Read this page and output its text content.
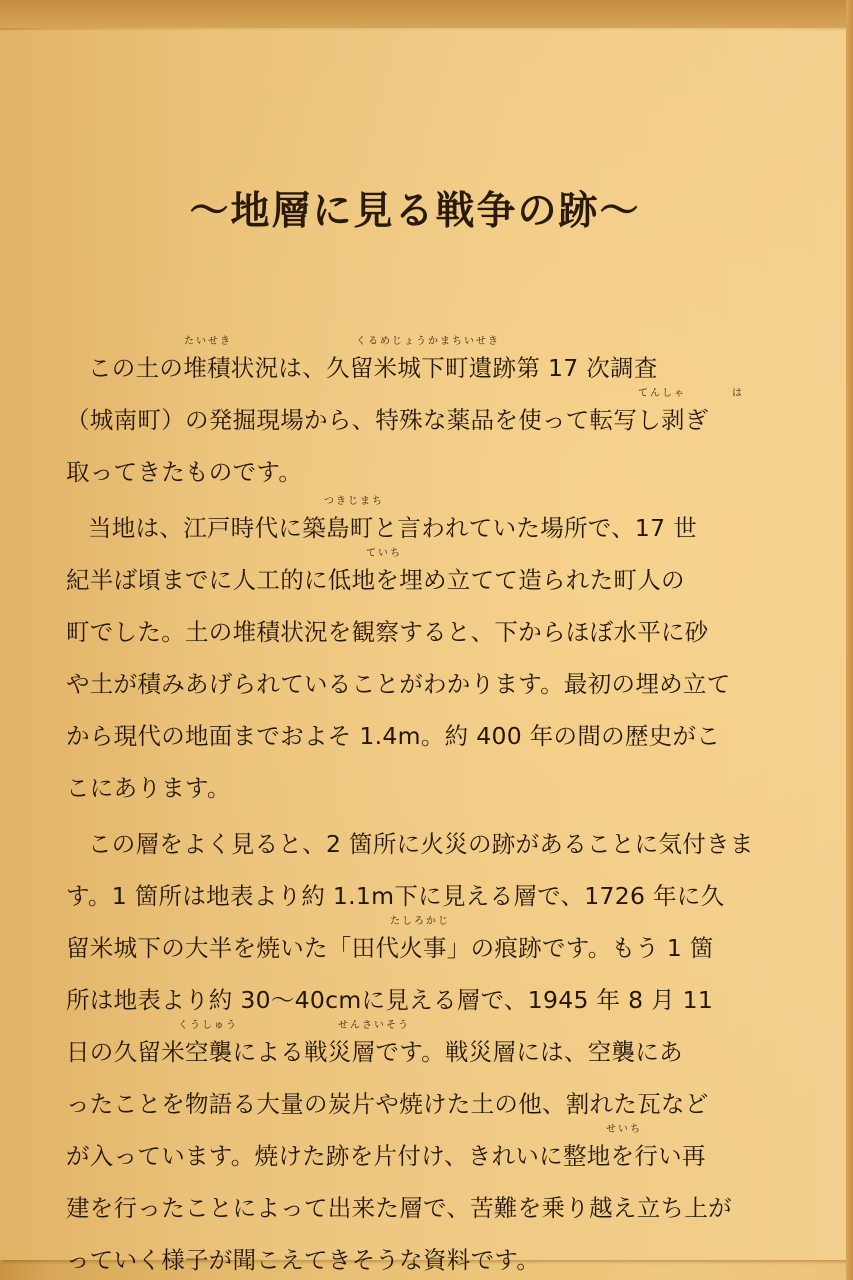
～地層に見る戦争の跡～
この土の堆積状況は、久留米城下町遺跡第 17 次調査
たいせき	くるめじょうかまちいせき
（城南町）の発掘現場から、特殊な薬品を使って転写し剥ぎ
てんしゃ	は
取ってきたものです。
当地は、江戸時代に築島町と言われていた場所で、17 世
つきじまち
紀半ば頃までに人工的に低地を埋め立てて造られた町人の
ていち
町でした。土の堆積状況を観察すると、下からほぼ水平に砂
や土が積みあげられていることがわかります。最初の埋め立て
から現代の地面までおよそ 1.4m。約 400 年の間の歴史がこ
こにあります。
この層をよく見ると、2 箇所に火災の跡があることに気付きま
す。1 箇所は地表より約 1.1m下に見える層で、1726 年に久
留米城下の大半を焼いた「田代火事」の痕跡です。もう 1 箇
たしろかじ
所は地表より約 30～40cmに見える層で、1945 年 8 月 11
日の久留米空襲による戦災層です。戦災層には、空襲にあ
くうしゅう	せんさいそう
ったことを物語る大量の炭片や焼けた土の他、割れた瓦など
が入っています。焼けた跡を片付け、きれいに整地を行い再
せいち
建を行ったことによって出来た層で、苦難を乗り越え立ち上が
っていく様子が聞こえてきそうな資料です。
